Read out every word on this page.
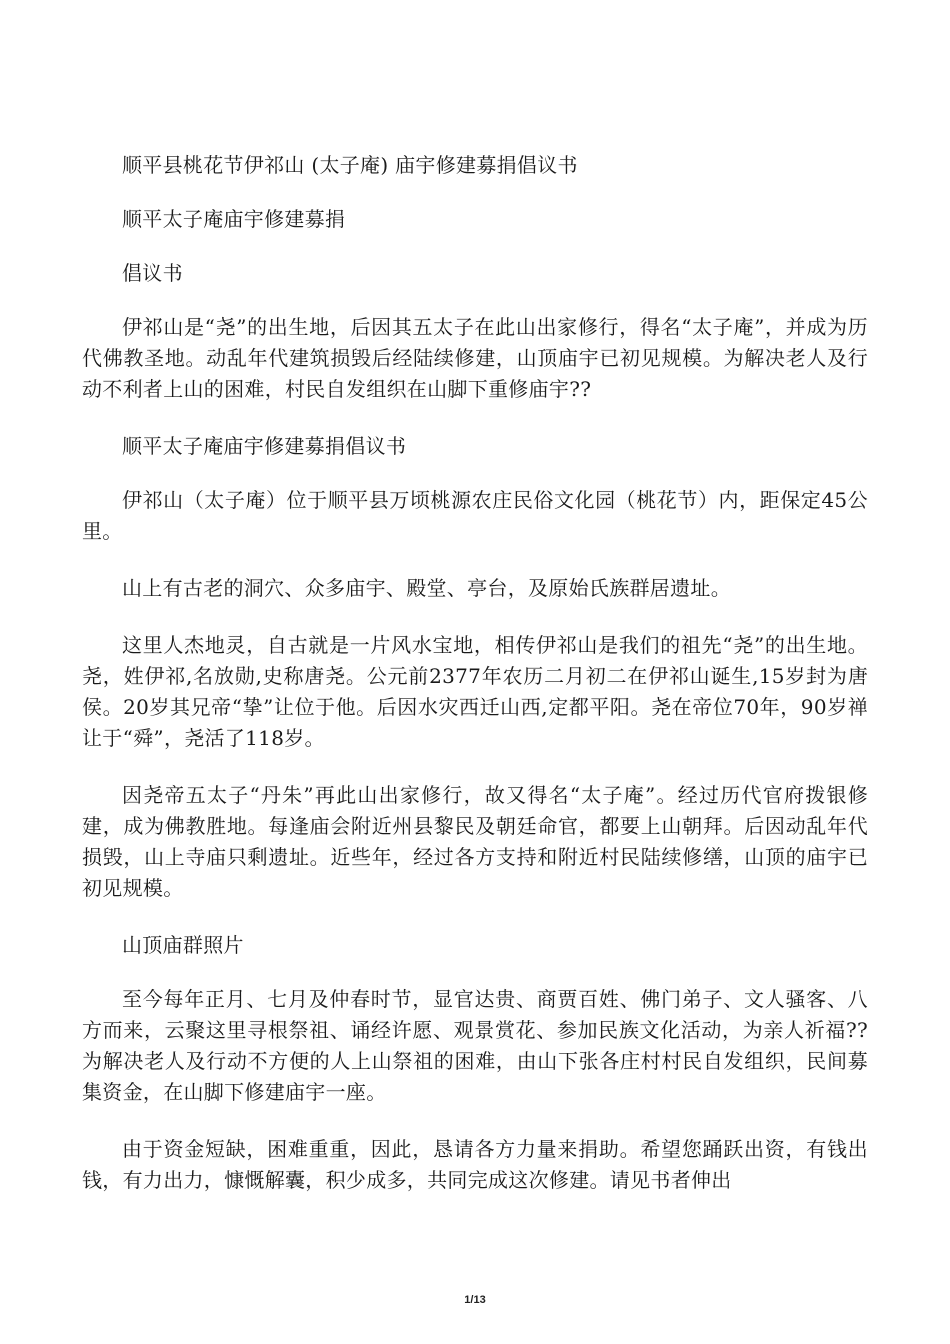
顺平县桃花节伊祁山 (太子庵) 庙宇修建募捐倡议书

顺平太子庵庙宇修建募捐

倡议书

伊祁山是“尧”的出生地，后因其五太子在此山出家修行，得名“太子庵”，并成为历代佛教圣地。动乱年代建筑损毁后经陆续修建，山顶庙宇已初见规模。为解决老人及行动不利者上山的困难，村民自发组织在山脚下重修庙宇??

顺平太子庵庙宇修建募捐倡议书

伊祁山（太子庵）位于顺平县万顷桃源农庄民俗文化园（桃花节）内，距保定45公里。

山上有古老的洞穴、众多庙宇、殿堂、亭台，及原始氏族群居遗址。

这里人杰地灵，自古就是一片风水宝地，相传伊祁山是我们的祖先“尧”的出生地。尧，姓伊祁,名放勋,史称唐尧。公元前2377年农历二月初二在伊祁山诞生,15岁封为唐侯。20岁其兄帝“挚”让位于他。后因水灾西迁山西,定都平阳。尧在帝位70年，90岁禅让于“舜”，尧活了118岁。

因尧帝五太子“丹朱”再此山出家修行，故又得名“太子庵”。经过历代官府拨银修建，成为佛教胜地。每逢庙会附近州县黎民及朝廷命官，都要上山朝拜。后因动乱年代损毁，山上寺庙只剩遗址。近些年，经过各方支持和附近村民陆续修缮，山顶的庙宇已初见规模。

山顶庙群照片

至今每年正月、七月及仲春时节，显官达贵、商贾百姓、佛门弟子、文人骚客、八方而来，云聚这里寻根祭祖、诵经许愿、观景赏花、参加民族文化活动，为亲人祈福??为解决老人及行动不方便的人上山祭祖的困难，由山下张各庄村村民自发组织，民间募集资金，在山脚下修建庙宇一座。

由于资金短缺，困难重重，因此，恳请各方力量来捐助。希望您踊跃出资，有钱出钱，有力出力，慷慨解囊，积少成多，共同完成这次修建。请见书者伸出

1/13
